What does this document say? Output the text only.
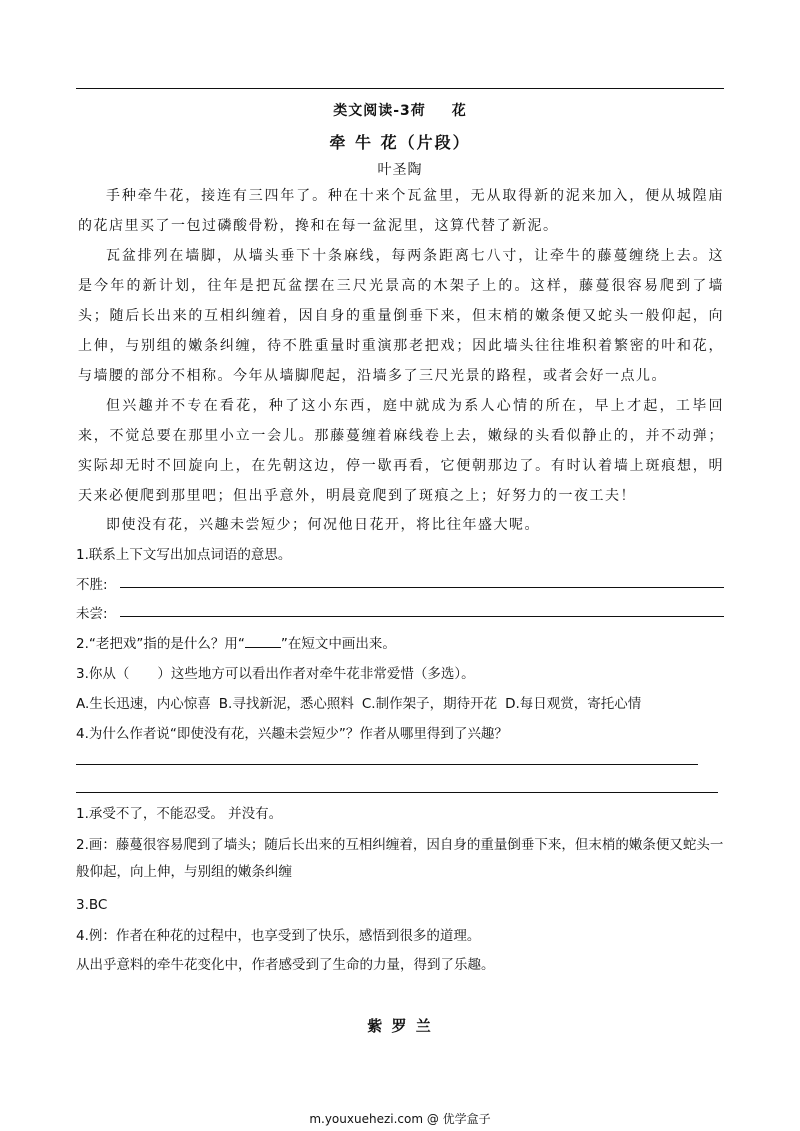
类文阅读-3荷 花
牵 牛 花（片段）
叶圣陶
手种牵牛花，接连有三四年了。种在十来个瓦盆里，无从取得新的泥来加入，便从城隍庙的花店里买了一包过磷酸骨粉，搀和在每一盆泥里，这算代替了新泥。
瓦盆排列在墙脚，从墙头垂下十条麻线，每两条距离七八寸，让牵牛的藤蔓缠绕上去。这是今年的新计划，往年是把瓦盆摆在三尺光景高的木架子上的。这样，藤蔓很容易爬到了墙头；随后长出来的互相纠缠着，因自身的重量倒垂下来，但末梢的嫩条便又蛇头一般仰起，向上伸，与别组的嫩条纠缠，待不胜重量时重演那老把戏；因此墙头往往堆积着繁密的叶和花，与墙腰的部分不相称。今年从墙脚爬起，沿墙多了三尺光景的路程，或者会好一点儿。
但兴趣并不专在看花，种了这小东西，庭中就成为系人心情的所在，早上才起，工毕回来，不觉总要在那里小立一会儿。那藤蔓缠着麻线卷上去，嫩绿的头看似静止的，并不动弹；实际却无时不回旋向上，在先朝这边，停一歇再看，它便朝那边了。有时认着墙上斑痕想，明天来必便爬到那里吧；但出乎意外，明晨竟爬到了斑痕之上；好努力的一夜工夫！
即使没有花，兴趣未尝短少；何况他日花开，将比往年盛大呢。
1.联系上下文写出加点词语的意思。
不胜:
未尝:
2.“老把戏”指的是什么？用“	”在短文中画出来。
3.你从（ ）这些地方可以看出作者对牵牛花非常爱惜（多选）。
A.生长迅速，内心惊喜 B.寻找新泥，悉心照料 C.制作架子，期待开花 D.每日观赏，寄托心情
4.为什么作者说“即使没有花，兴趣未尝短少”？作者从哪里得到了兴趣？
1.承受不了，不能忍受。 并没有。
2.画：藤蔓很容易爬到了墙头；随后长出来的互相纠缠着，因自身的重量倒垂下来，但末梢的嫩条便又蛇头一般仰起，向上伸，与别组的嫩条纠缠
3.BC
4.例：作者在种花的过程中，也享受到了快乐，感悟到很多的道理。
从出乎意料的牵牛花变化中，作者感受到了生命的力量，得到了乐趣。
紫 罗 兰
m.youxuehezi.com @ 优学盒子
